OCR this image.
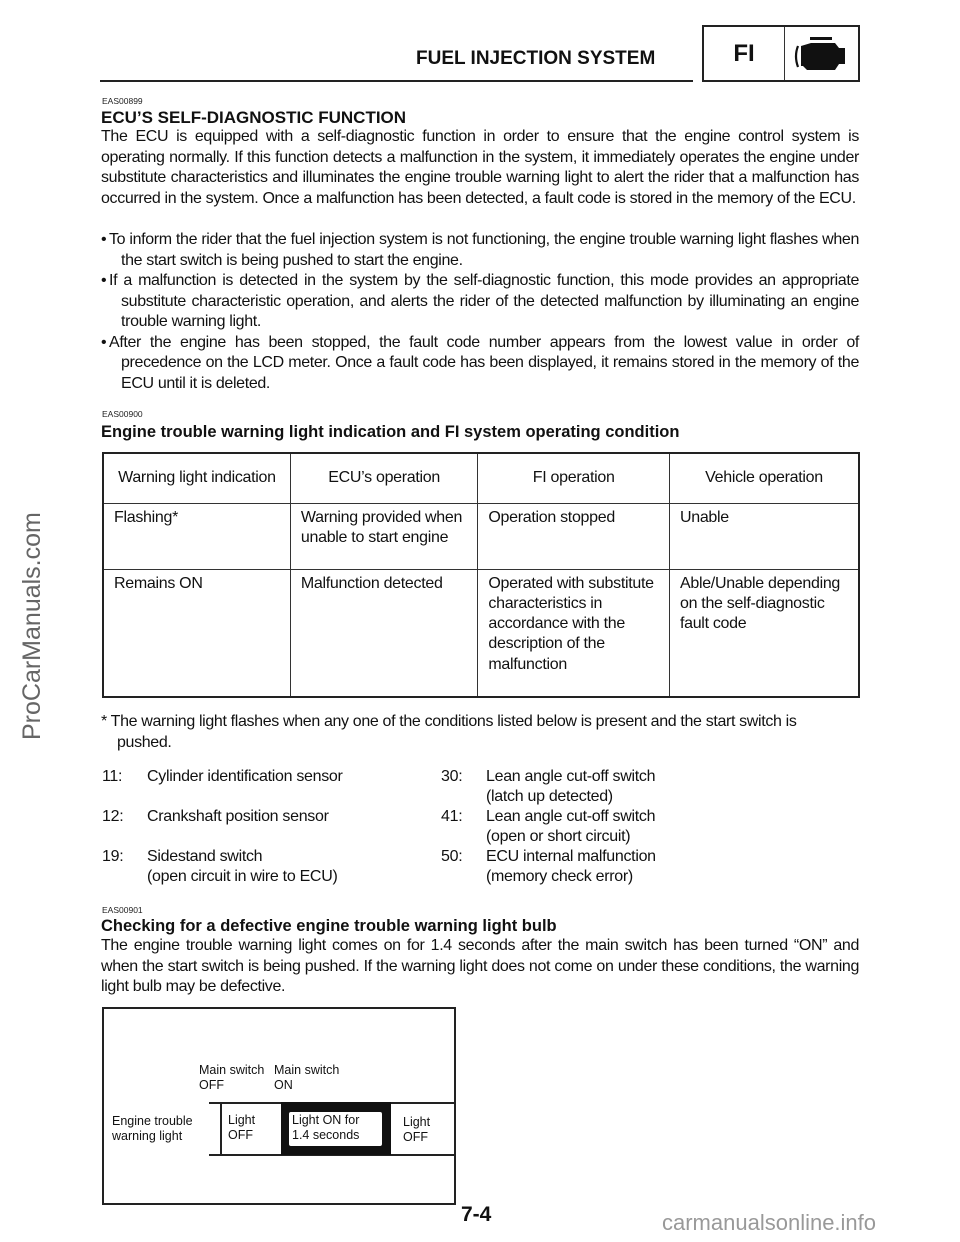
FUEL INJECTION SYSTEM	FI
ProCarManuals.com
EAS00899
ECU’S SELF-DIAGNOSTIC FUNCTION
The ECU is equipped with a self-diagnostic function in order to ensure that the engine control system is operating normally. If this function detects a malfunction in the system, it immediately operates the engine under substitute characteristics and illuminates the engine trouble warning light to alert the rider that a malfunction has occurred in the system. Once a malfunction has been detected, a fault code is stored in the memory of the ECU.
• To inform the rider that the fuel injection system is not functioning, the engine trouble warning light flashes when the start switch is being pushed to start the engine.
• If a malfunction is detected in the system by the self-diagnostic function, this mode provides an appropriate substitute characteristic operation, and alerts the rider of the detected malfunction by illuminating an engine trouble warning light.
• After the engine has been stopped, the fault code number appears from the lowest value in order of precedence on the LCD meter. Once a fault code has been displayed, it remains stored in the memory of the ECU until it is deleted.
EAS00900
Engine trouble warning light indication and FI system operating condition
Warning light indication	ECU’s operation	FI operation	Vehicle operation
Flashing*	Warning provided when unable to start engine	Operation stopped	Unable
Remains ON	Malfunction detected	Operated with substitute characteristics in accordance with the description of the malfunction	Able/Unable depending on the self-diagnostic fault code
* The warning light flashes when any one of the conditions listed below is present and the start switch is
pushed.
11:	Cylinder identification sensor
12:	Crankshaft position sensor
19:	Sidestand switch
(open circuit in wire to ECU)
30:	Lean angle cut-off switch
(latch up detected)
41:	Lean angle cut-off switch
(open or short circuit)
50:	ECU internal malfunction
(memory check error)
EAS00901
Checking for a defective engine trouble warning light bulb
The engine trouble warning light comes on for 1.4 seconds after the main switch has been turned “ON” and when the start switch is being pushed. If the warning light does not come on under these conditions, the warning light bulb may be defective.
Main switch
OFF
Main switch
ON
Engine trouble
warning light
Light
OFF
Light ON for
1.4 seconds
Light
OFF
7-4	carmanualsonline.info
